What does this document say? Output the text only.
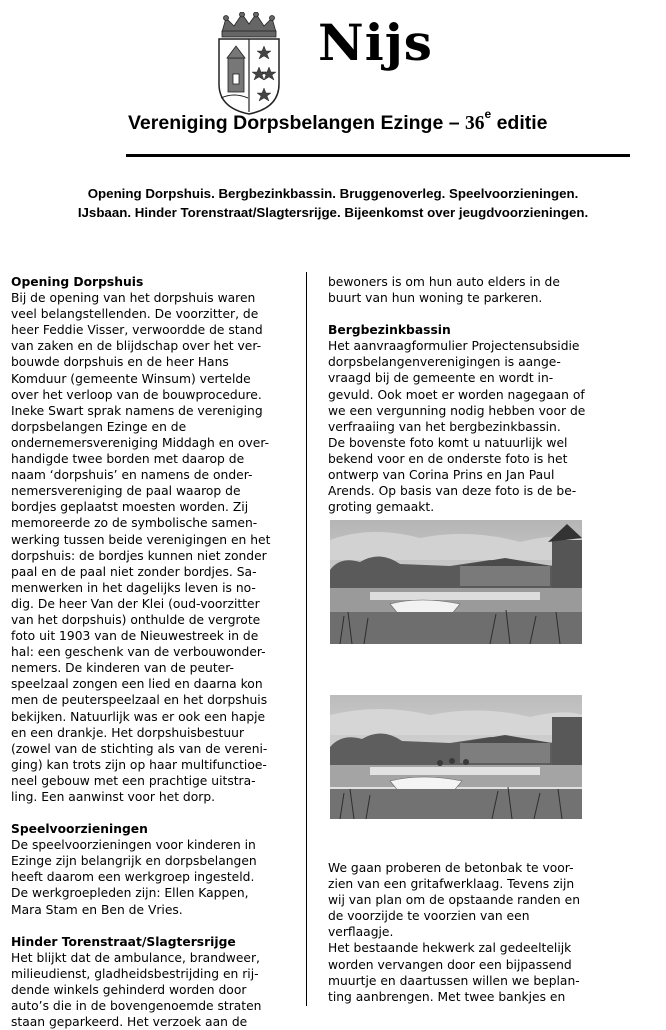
Nijs
Vereniging Dorpsbelangen Ezinge – 36e editie
Opening Dorpshuis. Bergbezinkbassin. Bruggenoverleg. Speelvoorzieningen.
IJsbaan. Hinder Torenstraat/Slagtersrijge. Bijeenkomst over jeugdvoorzieningen.
Opening Dorpshuis

Bij de opening van het dorpshuis waren
veel belangstellenden. De voorzitter, de
heer Feddie Visser, verwoordde de stand
van zaken en de blijdschap over het ver-
bouwde dorpshuis en de heer Hans
Komduur (gemeente Winsum) vertelde
over het verloop van de bouwprocedure.
Ineke Swart sprak namens de vereniging
dorpsbelangen Ezinge en de
ondernemersvereniging Middagh en over-
handigde twee borden met daarop de
naam ‘dorpshuis’ en namens de onder-
nemersvereniging de paal waarop de
bordjes geplaatst moesten worden. Zij
memoreerde zo de symbolische samen-
werking tussen beide verenigingen en het
dorpshuis: de bordjes kunnen niet zonder
paal en de paal niet zonder bordjes. Sa-
menwerken in het dagelijks leven is no-
dig. De heer Van der Klei (oud-voorzitter
van het dorpshuis) onthulde de vergrote
foto uit 1903 van de Nieuwestreek in de
hal: een geschenk van de verbouwonder-
nemers. De kinderen van de peuter-
speelzaal zongen een lied en daarna kon
men de peuterspeelzaal en het dorpshuis
bekijken. Natuurlijk was er ook een hapje
en een drankje. Het dorpshuisbestuur
(zowel van de stichting als van de vereni-
ging) kan trots zijn op haar multifunctioe-
neel gebouw met een prachtige uitstra-
ling. Een aanwinst voor het dorp.

Speelvoorzieningen

De speelvoorzieningen voor kinderen in
Ezinge zijn belangrijk en dorpsbelangen
heeft daarom een werkgroep ingesteld.
De werkgroepleden zijn: Ellen Kappen,
Mara Stam en Ben de Vries.

Hinder Torenstraat/Slagtersrijge

Het blijkt dat de ambulance, brandweer,
milieudienst, gladheidsbestrijding en rij-
dende winkels gehinderd worden door
auto’s die in de bovengenoemde straten
staan geparkeerd. Het verzoek aan de

bewoners is om hun auto elders in de
buurt van hun woning te parkeren.

Bergbezinkbassin

Het aanvraagformulier Projectensubsidie
dorpsbelangenverenigingen is aange-
vraagd bij de gemeente en wordt in-
gevuld. Ook moet er worden nagegaan of
we een vergunning nodig hebben voor de
verfraaiing van het bergbezinkbassin.
De bovenste foto komt u natuurlijk wel
bekend voor en de onderste foto is het
ontwerp van Corina Prins en Jan Paul
Arends. Op basis van deze foto is de be-
groting gemaakt.

We gaan proberen de betonbak te voor-
zien van een gritafwerklaag. Tevens zijn
wij van plan om de opstaande randen en
de voorzijde te voorzien van een
verflaagje.
Het bestaande hekwerk zal gedeeltelijk
worden vervangen door een bijpassend
muurtje en daartussen willen we beplan-
ting aanbrengen. Met twee bankjes en
